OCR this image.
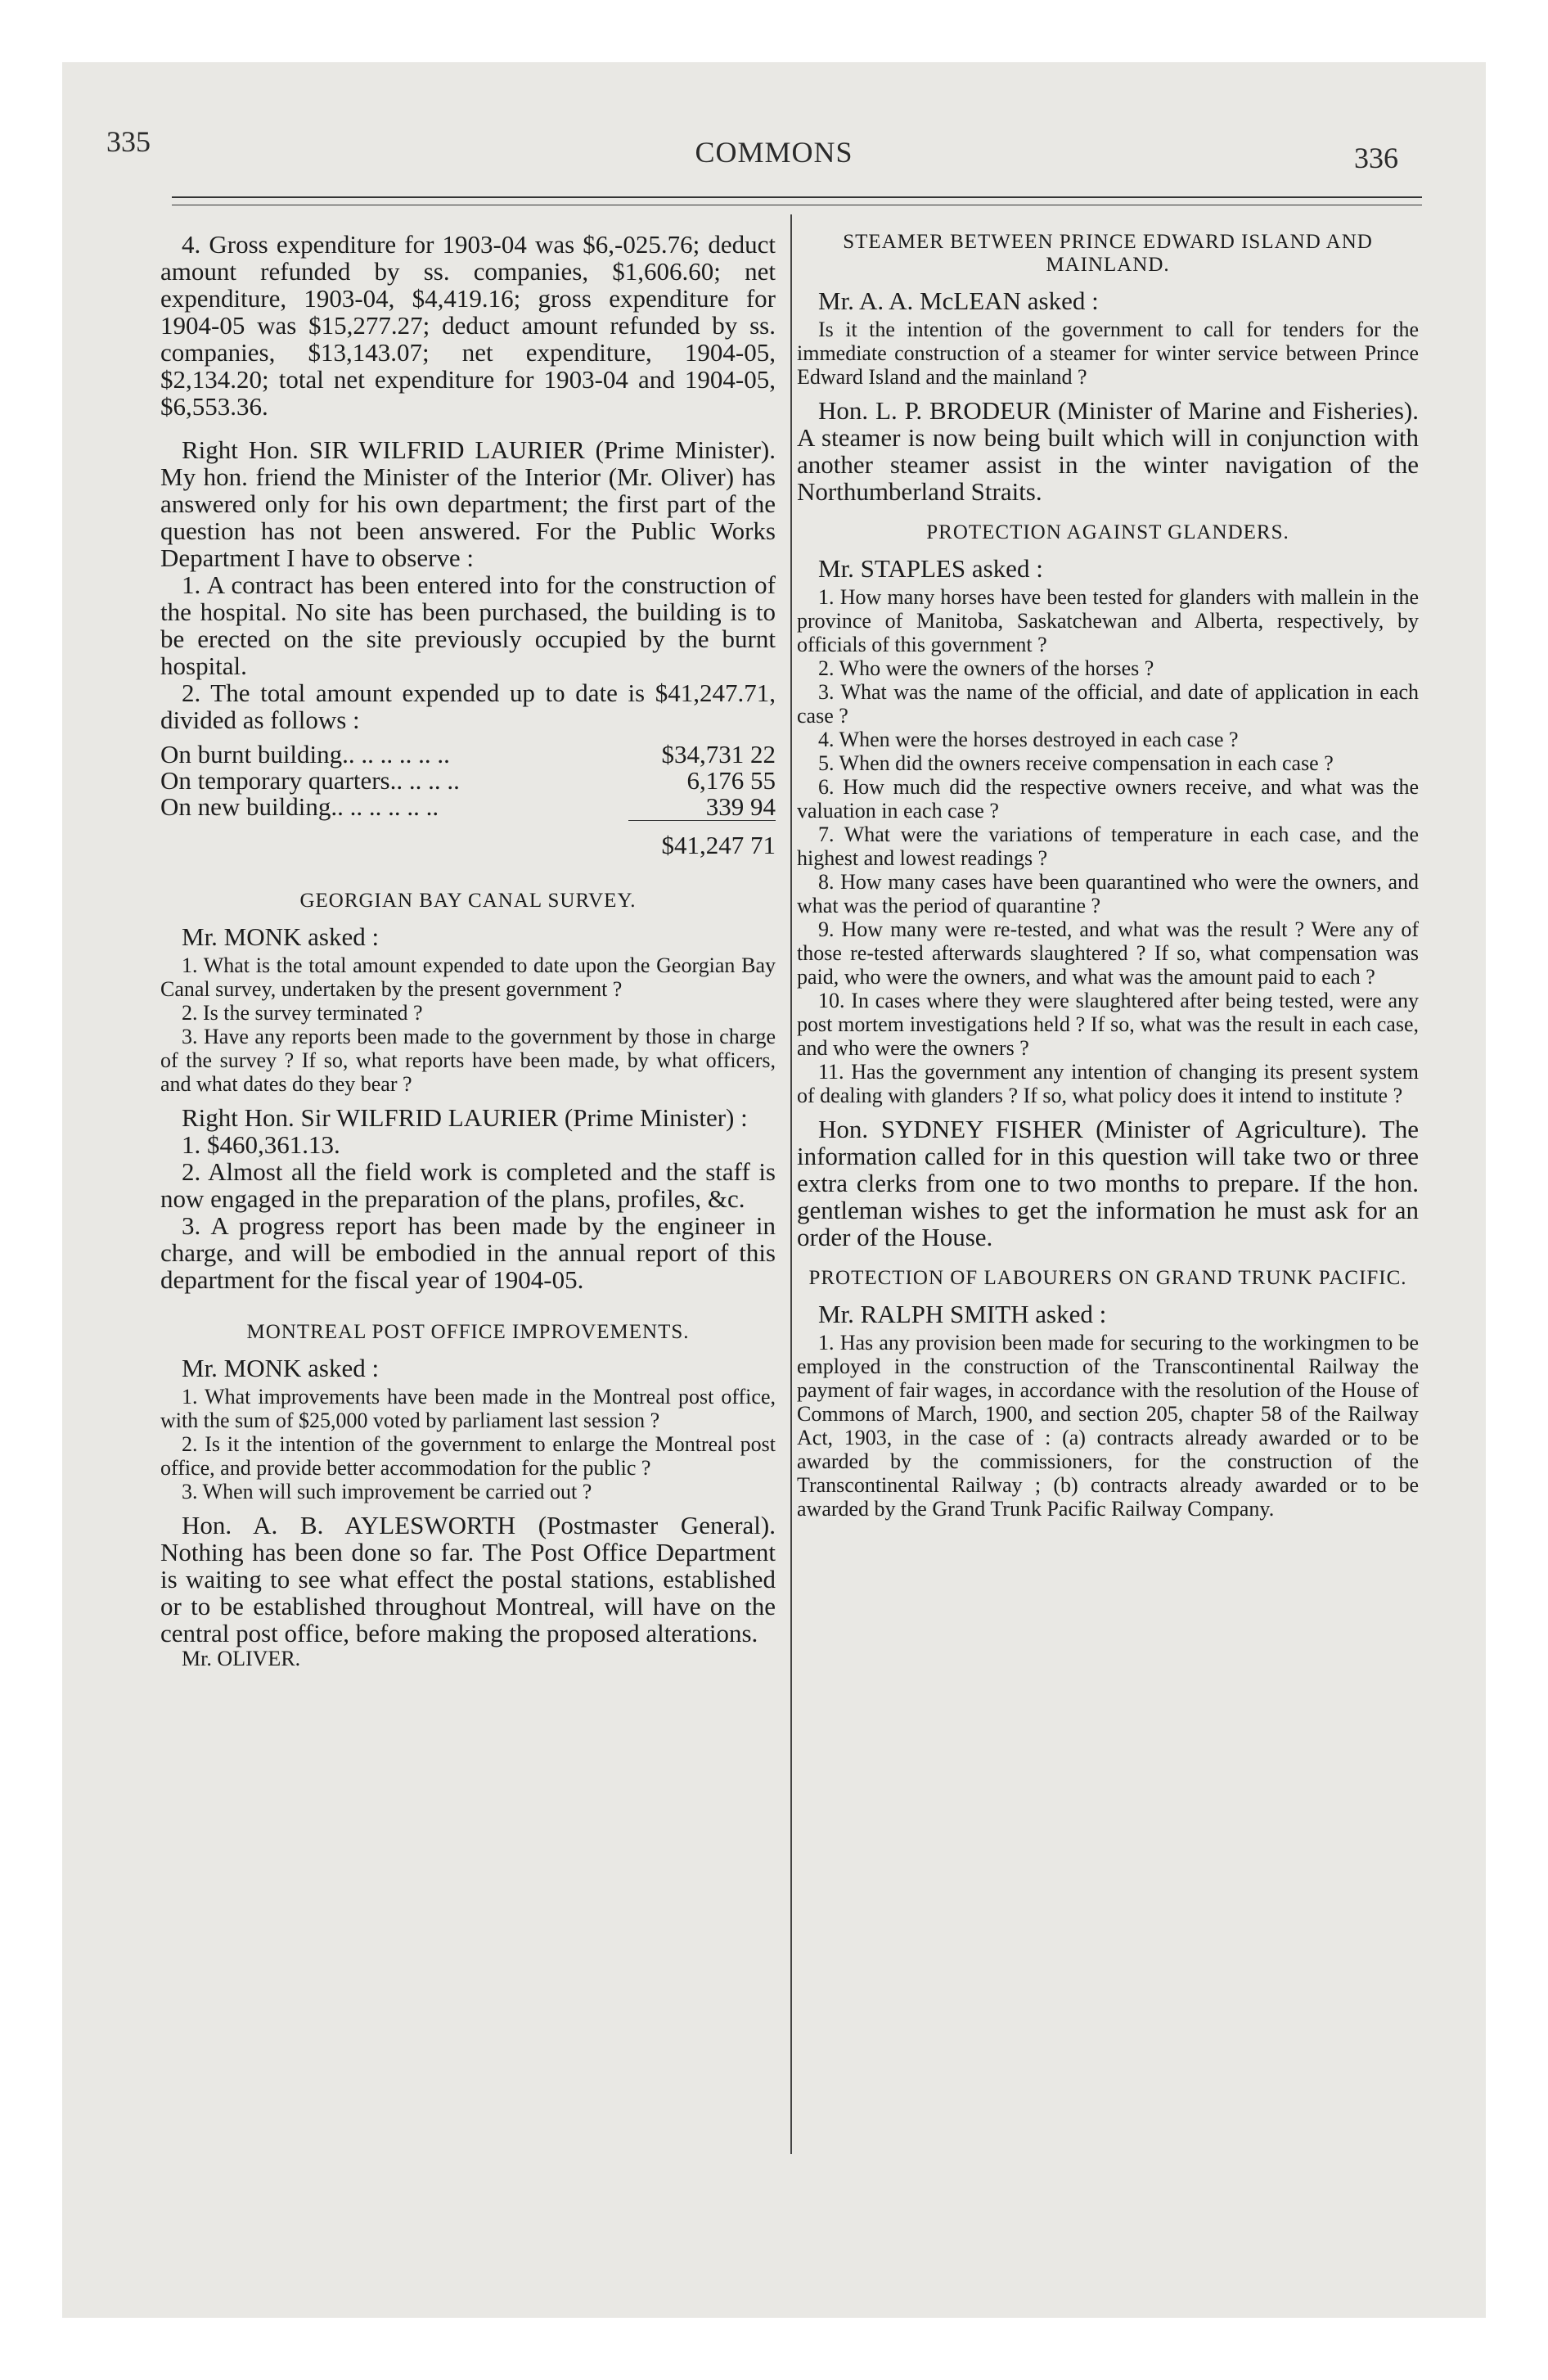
335	COMMONS	336

4. Gross expenditure for 1903-04 was $6,-025.76; deduct amount refunded by ss. companies, $1,606.60; net expenditure, 1903-04, $4,419.16; gross expenditure for 1904-05 was $15,277.27; deduct amount refunded by ss. companies, $13,143.07; net expenditure, 1904-05, $2,134.20; total net expenditure for 1903-04 and 1904-05, $6,553.36.

Right Hon. SIR WILFRID LAURIER (Prime Minister). My hon. friend the Minister of the Interior (Mr. Oliver) has answered only for his own department; the first part of the question has not been answered. For the Public Works Department I have to observe :

1. A contract has been entered into for the construction of the hospital. No site has been purchased, the building is to be erected on the site previously occupied by the burnt hospital.

2. The total amount expended up to date is $41,247.71, divided as follows :

On burnt building.. .. .. .. .. ..	$34,731 22
On temporary quarters.. .. .. ..	6,176 55
On new building.. .. .. .. .. ..	339 94

$41,247 71

GEORGIAN BAY CANAL SURVEY.

Mr. MONK asked :

1. What is the total amount expended to date upon the Georgian Bay Canal survey, undertaken by the present government ?

2. Is the survey terminated ?

3. Have any reports been made to the government by those in charge of the survey ? If so, what reports have been made, by what officers, and what dates do they bear ?

Right Hon. Sir WILFRID LAURIER (Prime Minister) :

1. $460,361.13.

2. Almost all the field work is completed and the staff is now engaged in the preparation of the plans, profiles, &c.

3. A progress report has been made by the engineer in charge, and will be embodied in the annual report of this department for the fiscal year of 1904-05.

MONTREAL POST OFFICE IMPROVEMENTS.

Mr. MONK asked :

1. What improvements have been made in the Montreal post office, with the sum of $25,000 voted by parliament last session ?

2. Is it the intention of the government to enlarge the Montreal post office, and provide better accommodation for the public ?

3. When will such improvement be carried out ?

Hon. A. B. AYLESWORTH (Postmaster General). Nothing has been done so far. The Post Office Department is waiting to see what effect the postal stations, established or to be established throughout Montreal, will have on the central post office, before making the proposed alterations.

Mr. OLIVER.

STEAMER BETWEEN PRINCE EDWARD ISLAND AND MAINLAND.

Mr. A. A. McLEAN asked :

Is it the intention of the government to call for tenders for the immediate construction of a steamer for winter service between Prince Edward Island and the mainland ?

Hon. L. P. BRODEUR (Minister of Marine and Fisheries). A steamer is now being built which will in conjunction with another steamer assist in the winter navigation of the Northumberland Straits.

PROTECTION AGAINST GLANDERS.

Mr. STAPLES asked :

1. How many horses have been tested for glanders with mallein in the province of Manitoba, Saskatchewan and Alberta, respectively, by officials of this government ?

2. Who were the owners of the horses ?

3. What was the name of the official, and date of application in each case ?

4. When were the horses destroyed in each case ?

5. When did the owners receive compensation in each case ?

6. How much did the respective owners receive, and what was the valuation in each case ?

7. What were the variations of temperature in each case, and the highest and lowest readings ?

8. How many cases have been quarantined who were the owners, and what was the period of quarantine ?

9. How many were re-tested, and what was the result ? Were any of those re-tested afterwards slaughtered ? If so, what compensation was paid, who were the owners, and what was the amount paid to each ?

10. In cases where they were slaughtered after being tested, were any post mortem investigations held ? If so, what was the result in each case, and who were the owners ?

11. Has the government any intention of changing its present system of dealing with glanders ? If so, what policy does it intend to institute ?

Hon. SYDNEY FISHER (Minister of Agriculture). The information called for in this question will take two or three extra clerks from one to two months to prepare. If the hon. gentleman wishes to get the information he must ask for an order of the House.

PROTECTION OF LABOURERS ON GRAND TRUNK PACIFIC.

Mr. RALPH SMITH asked :

1. Has any provision been made for securing to the workingmen to be employed in the construction of the Transcontinental Railway the payment of fair wages, in accordance with the resolution of the House of Commons of March, 1900, and section 205, chapter 58 of the Railway Act, 1903, in the case of : (a) contracts already awarded or to be awarded by the commissioners, for the construction of the Transcontinental Railway ; (b) contracts already awarded or to be awarded by the Grand Trunk Pacific Railway Company.
